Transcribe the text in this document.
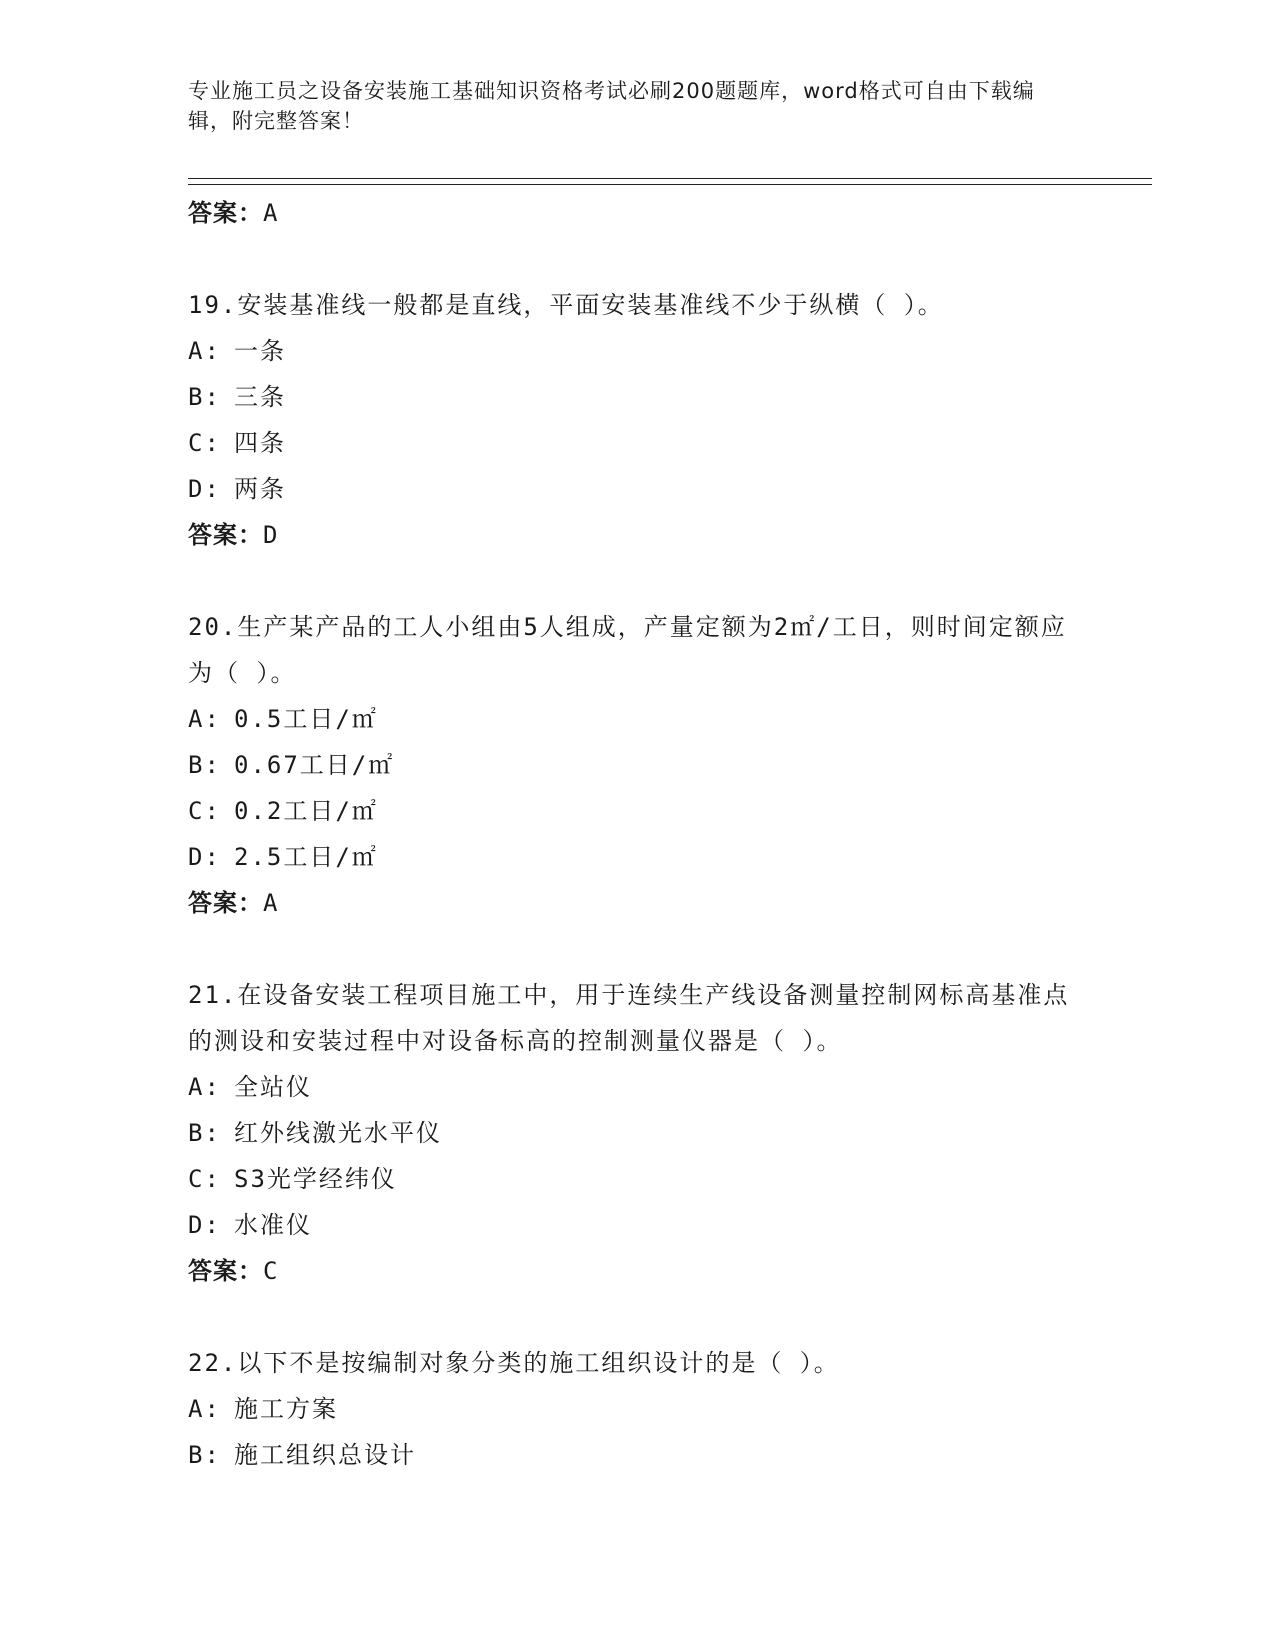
专业施工员之设备安装施工基础知识资格考试必刷200题题库，word格式可自由下载编辑，附完整答案！
答案：A
19.安装基准线一般都是直线，平面安装基准线不少于纵横（ ）。
A: 一条
B: 三条
C: 四条
D: 两条
答案：D
20.生产某产品的工人小组由5人组成，产量定额为2㎡/工日，则时间定额应为（ ）。
A: 0.5工日/㎡
B: 0.67工日/㎡
C: 0.2工日/㎡
D: 2.5工日/㎡
答案：A
21.在设备安装工程项目施工中，用于连续生产线设备测量控制网标高基准点的测设和安装过程中对设备标高的控制测量仪器是（ ）。
A: 全站仪
B: 红外线激光水平仪
C: S3光学经纬仪
D: 水准仪
答案：C
22.以下不是按编制对象分类的施工组织设计的是（ ）。
A: 施工方案
B: 施工组织总设计
